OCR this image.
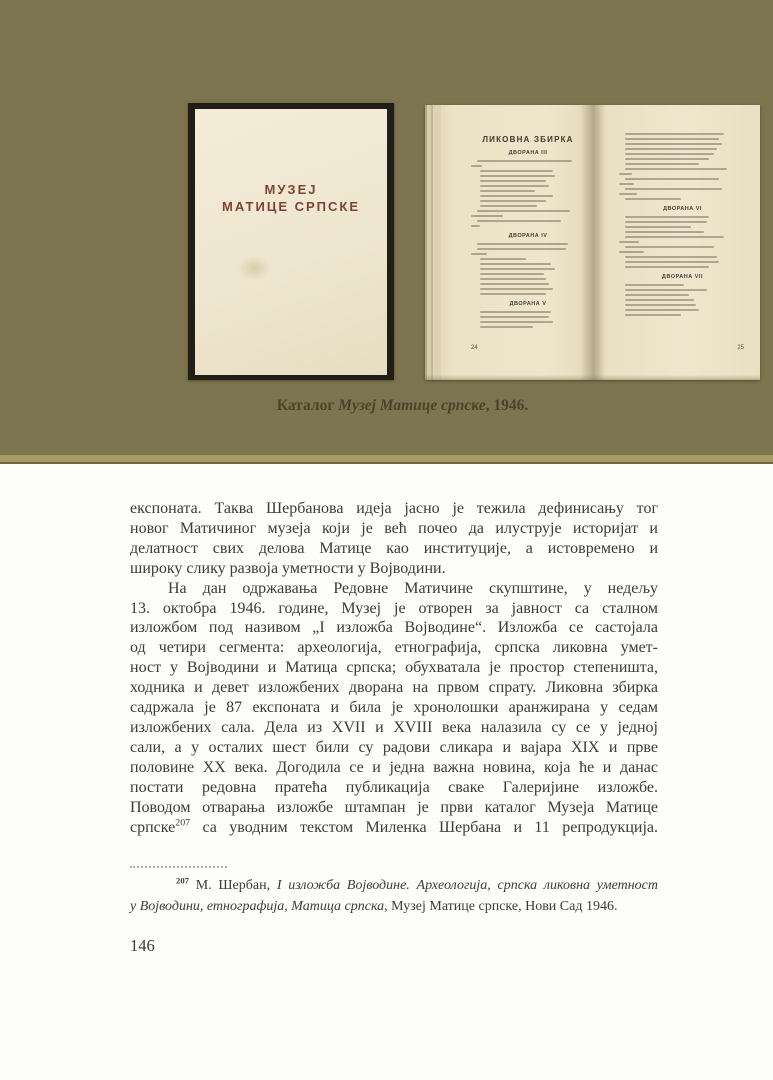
МУЗЕЈ
МАТИЦЕ СРПСКЕ
ЛИКОВНА ЗБИРКА
ДВОРАНА III
ДВОРАНА IV
ДВОРАНА V
24
ДВОРАНА VI
ДВОРАНА VII
25
Каталог Музеј Матице српске, 1946.
експоната. Таква Шербанова идеја јасно је тежила дефинисању тог
новог Матичиног музеја који је већ почео да илуструје историјат и
делатност свих делова Матице као институције, а истовремено и
широку слику развоја уметности у Војводини.
На дан одржавања Редовне Матичине скупштине, у недељу
13. октобра 1946. године, Музеј је отворен за јавност са сталном
изложбом под називом „I изложба Војводине“. Изложба се састојала
од четири сегмента: археологија, етнографија, српска ликовна умет-
ност у Војводини и Матица српска; обухватала је простор степеништа,
ходника и девет изложбених дворана на првом спрату. Ликовна збирка
садржала је 87 експоната и била је хронолошки аранжирана у седам
изложбених сала. Дела из XVII и XVIII века налазила су се у једној
сали, а у осталих шест били су радови сликара и вајара XIX и прве
половине XX века. Догодила се и једна важна новина, која ће и данас
постати редовна пратећа публикација сваке Галеријине изложбе.
Поводом отварања изложбе штампан је први каталог Музеја Матице
српске$^{207}$ са уводним текстом Миленка Шербана и 11 репродукција.
$^{207}$ М. Шербан, I изложба Војводине. Археологија, српска ликовна уметност
у Војводини, етнографија, Матица српска, Музеј Матице српске, Нови Сад 1946.
146
